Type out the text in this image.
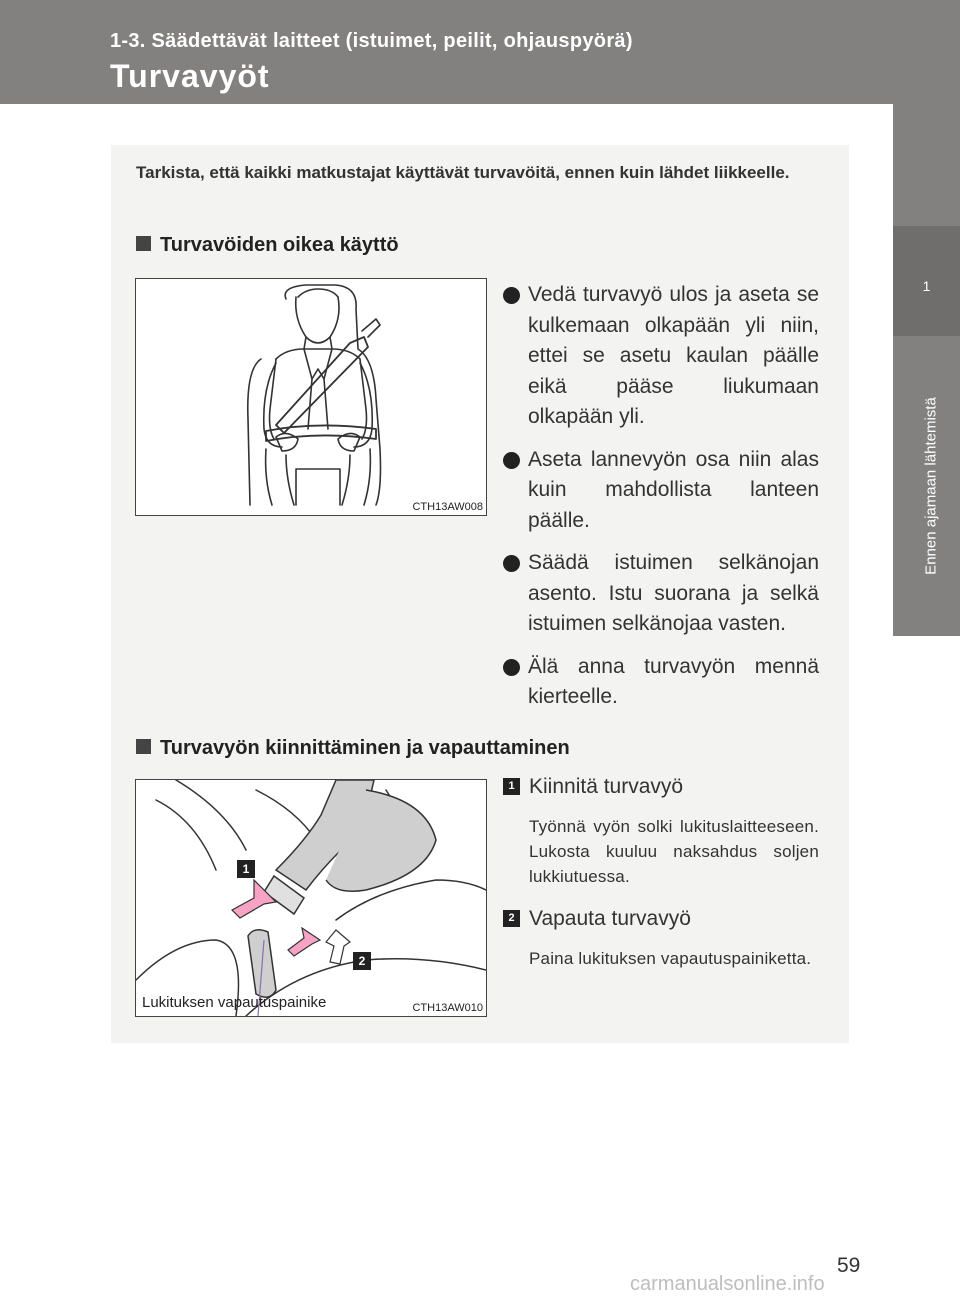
1-3. Säädettävät laitteet (istuimet, peilit, ohjauspyörä)
Turvavyöt
1
Ennen ajamaan lähtemistä
Tarkista, että kaikki matkustajat käyttävät turvavöitä, ennen kuin lähdet liikkeelle.
Turvavöiden oikea käyttö
CTH13AW008
Vedä turvavyö ulos ja aseta se kulkemaan olkapään yli niin, ettei se asetu kaulan päälle eikä pääse liukumaan olkapään yli.
Aseta lannevyön osa niin alas kuin mahdollista lanteen päälle.
Säädä istuimen selkänojan asento. Istu suorana ja selkä istuimen selkänojaa vasten.
Älä anna turvavyön mennä kierteelle.
Turvavyön kiinnittäminen ja vapauttaminen
1
2
Lukituksen vapautuspainike	CTH13AW010
1 Kiinnitä turvavyö
Työnnä vyön solki lukituslaitteeseen. Lukosta kuuluu naksahdus soljen lukkiutuessa.
2 Vapauta turvavyö
Paina lukituksen vapautuspainiketta.
59
carmanualsonline.info
